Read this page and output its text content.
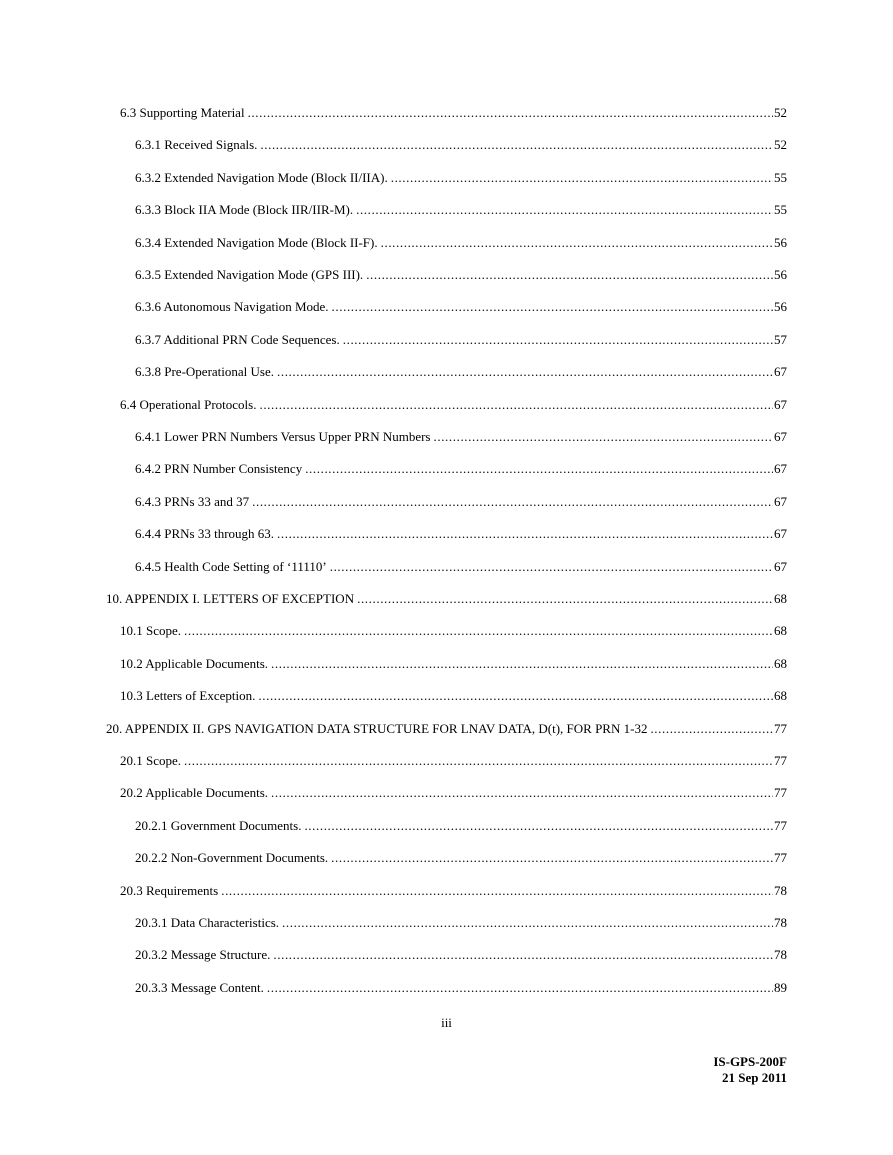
6.3 Supporting Material .....	52
6.3.1 Received Signals. .....	52
6.3.2 Extended Navigation Mode (Block II/IIA). .....	55
6.3.3 Block IIA Mode (Block IIR/IIR-M). .....	55
6.3.4 Extended Navigation Mode (Block II-F). .....	56
6.3.5 Extended Navigation Mode (GPS III). .....	56
6.3.6 Autonomous Navigation Mode. .....	56
6.3.7 Additional PRN Code Sequences. .....	57
6.3.8 Pre-Operational Use. .....	67
6.4 Operational Protocols. .....	67
6.4.1 Lower PRN Numbers Versus Upper PRN Numbers .....	67
6.4.2 PRN Number Consistency .....	67
6.4.3 PRNs 33 and 37 .....	67
6.4.4 PRNs 33 through 63. .....	67
6.4.5 Health Code Setting of ‘11110’ .....	67
10. APPENDIX I. LETTERS OF EXCEPTION .....	68
10.1 Scope. .....	68
10.2 Applicable Documents. .....	68
10.3 Letters of Exception. .....	68
20. APPENDIX II. GPS NAVIGATION DATA STRUCTURE FOR LNAV DATA, D(t), FOR PRN 1-32 .....	77
20.1 Scope. .....	77
20.2 Applicable Documents. .....	77
20.2.1 Government Documents. .....	77
20.2.2 Non-Government Documents. .....	77
20.3 Requirements .....	78
20.3.1 Data Characteristics. .....	78
20.3.2 Message Structure. .....	78
20.3.3 Message Content. .....	89
iii
IS-GPS-200F
21 Sep 2011
